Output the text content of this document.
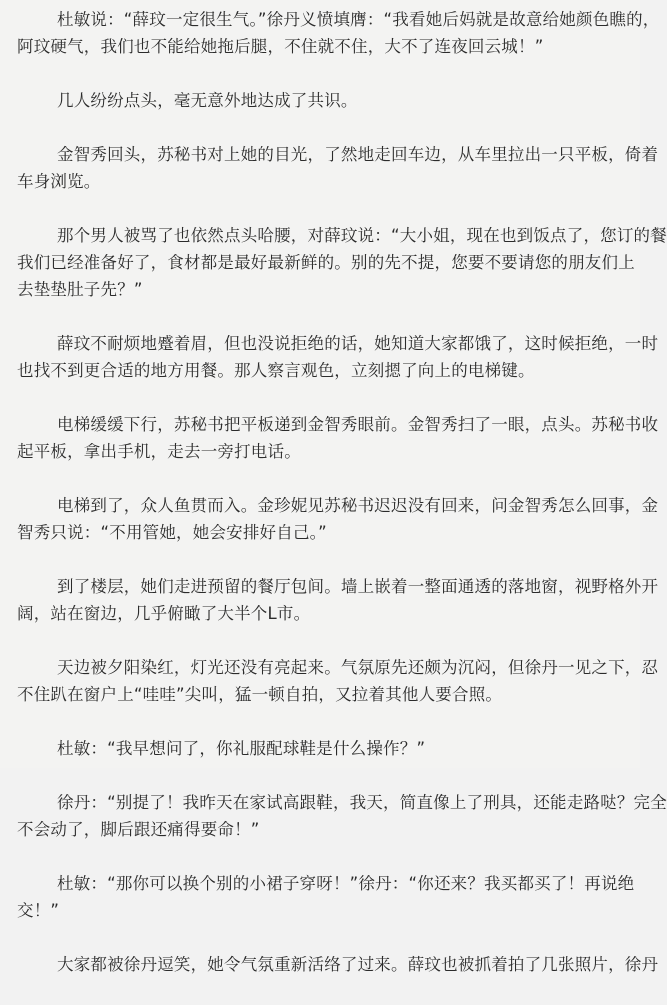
杜敏说：“薛玟一定很生气。”徐丹义愤填膺：“我看她后妈就是故意给她颜色瞧的，
阿玟硬气，我们也不能给她拖后腿，不住就不住，大不了连夜回云城！”
几人纷纷点头，毫无意外地达成了共识。
金智秀回头，苏秘书对上她的目光，了然地走回车边，从车里拉出一只平板，倚着
车身浏览。
那个男人被骂了也依然点头哈腰，对薛玟说：“大小姐，现在也到饭点了，您订的餐
我们已经准备好了，食材都是最好最新鲜的。别的先不提，您要不要请您的朋友们上
去垫垫肚子先？”
薛玟不耐烦地蹙着眉，但也没说拒绝的话，她知道大家都饿了，这时候拒绝，一时
也找不到更合适的地方用餐。那人察言观色，立刻摁了向上的电梯键。
电梯缓缓下行，苏秘书把平板递到金智秀眼前。金智秀扫了一眼，点头。苏秘书收
起平板，拿出手机，走去一旁打电话。
电梯到了，众人鱼贯而入。金珍妮见苏秘书迟迟没有回来，问金智秀怎么回事，金
智秀只说：“不用管她，她会安排好自己。”
到了楼层，她们走进预留的餐厅包间。墙上嵌着一整面通透的落地窗，视野格外开
阔，站在窗边，几乎俯瞰了大半个L市。
天边被夕阳染红，灯光还没有亮起来。气氛原先还颇为沉闷，但徐丹一见之下，忍
不住趴在窗户上“哇哇”尖叫，猛一顿自拍，又拉着其他人要合照。
杜敏：“我早想问了，你礼服配球鞋是什么操作？”
徐丹：“别提了！我昨天在家试高跟鞋，我天，简直像上了刑具，还能走路哒？完全
不会动了，脚后跟还痛得要命！”
杜敏：“那你可以换个别的小裙子穿呀！”徐丹：“你还来？我买都买了！再说绝
交！”
大家都被徐丹逗笑，她令气氛重新活络了过来。薛玟也被抓着拍了几张照片，徐丹
